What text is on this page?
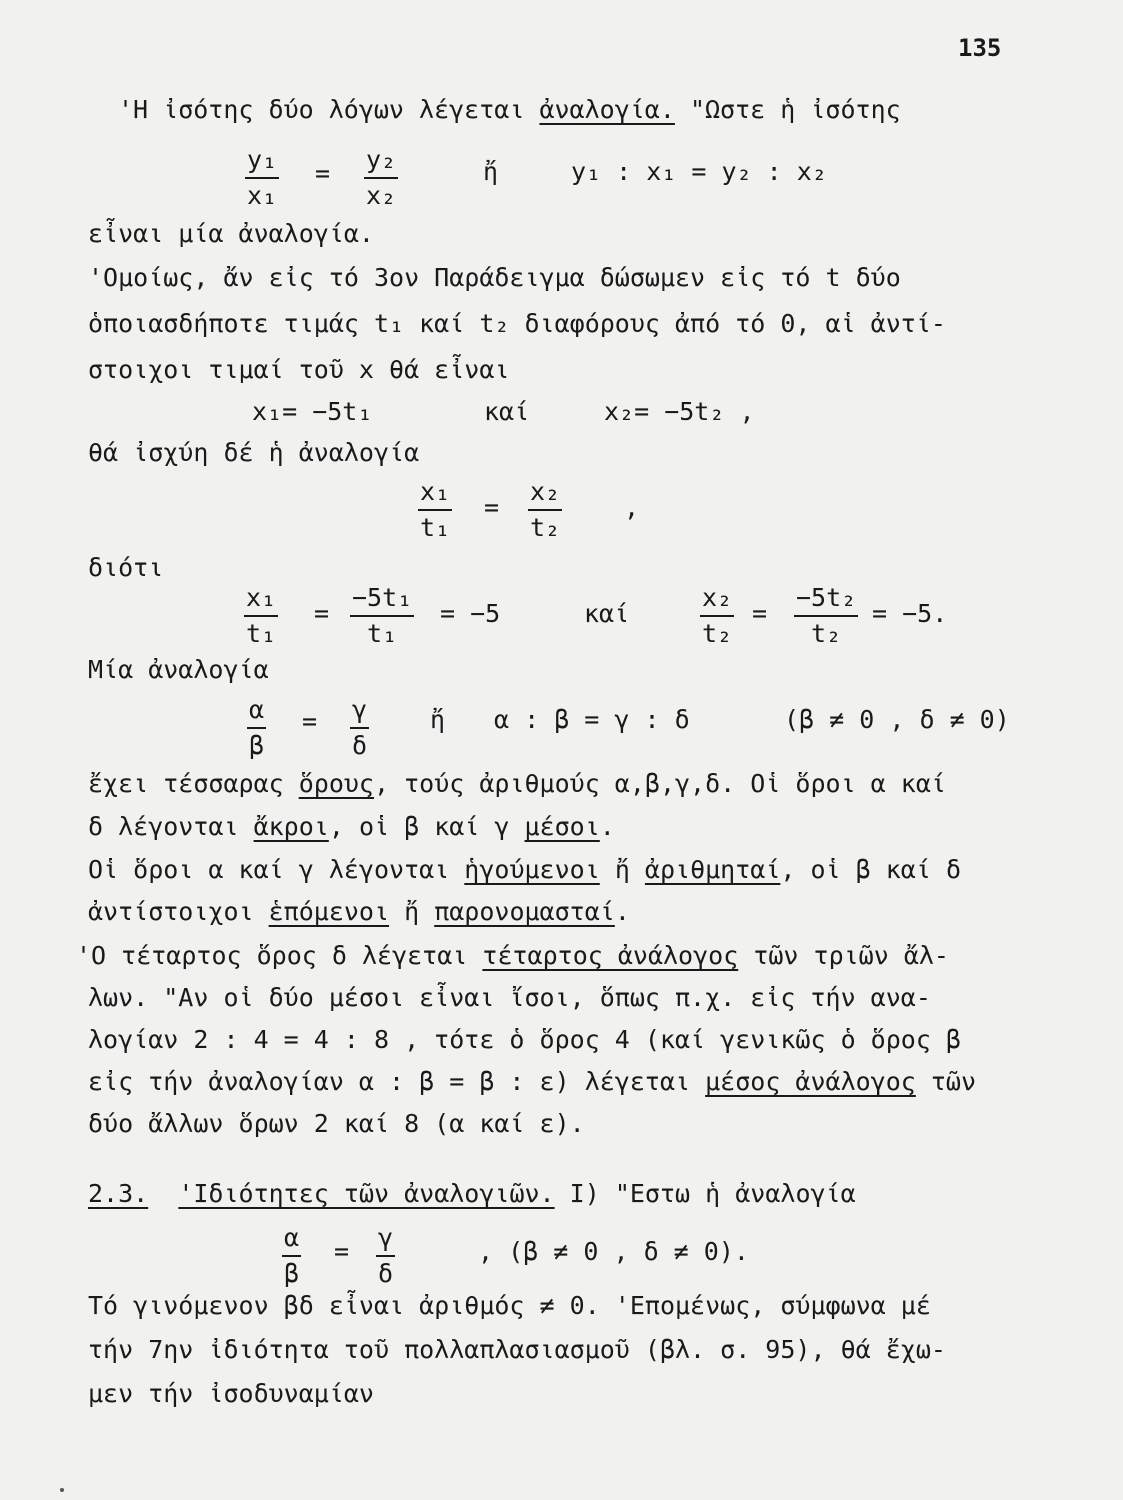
135
'Η ἰσότης δύο λόγων λέγεται ἀναλογία. "Ωστε ἡ ἰσότης
$\frac{\text{y₁}}{\text{x₁}} = \frac{\text{y₂}}{\text{x₂}}$	ἤ	y₁ : x₁ = y₂ : x₂
εἶναι μία ἀναλογία.
'Ομοίως, ἄν εἰς τό 3ον Παράδειγμα δώσωμεν εἰς τό t δύο
ὁποιασδήποτε τιμάς t₁ καί t₂ διαφόρους ἀπό τό 0, αἱ ἀντί-
στοιχοι τιμαί τοῦ x θά εἶναι
x₁= −5t₁	καί	x₂= −5t₂ ,
θά ἰσχύη δέ ἡ ἀναλογία
$\frac{\text{x₁}}{\text{t₁}} = \frac{\text{x₂}}{\text{t₂}}$ ,
διότι
$\frac{\text{x₁}}{\text{t₁}} = \frac{\text{−5t₁}}{\text{t₁}} = -5$	καί	$\frac{\text{x₂}}{\text{t₂}} = \frac{\text{−5t₂}}{\text{t₂}} = -5$.
Μία ἀναλογία
$\frac{\alpha}{\beta} = \frac{\gamma}{\delta}$ ἤ α : β = γ : δ	(β ≠ 0 , δ ≠ 0)
ἔχει τέσσαρας ὅρους, τούς ἀριθμούς α,β,γ,δ. Οἱ ὅροι α καί
δ λέγονται ἄκροι, οἱ β καί γ μέσοι.
Οἱ ὅροι α καί γ λέγονται ἡγούμενοι ἤ ἀριθμηταί, οἱ β καί δ
ἀντίστοιχοι ἑπόμενοι ἤ παρονομασταί.
'Ο τέταρτος ὅρος δ λέγεται τέταρτος ἀνάλογος τῶν τριῶν ἄλ-
λων. "Αν οἱ δύο μέσοι εἶναι ἴσοι, ὅπως π.χ. εἰς τήν ανα-
λογίαν 2 : 4 = 4 : 8 , τότε ὁ ὅρος 4 (καί γενικῶς ὁ ὅρος β
εἰς τήν ἀναλογίαν α : β = β : ε) λέγεται μέσος ἀνάλογος τῶν
δύο ἄλλων ὅρων 2 καί 8 (α καί ε).
2.3. 'Ιδιότητες τῶν ἀναλογιῶν. Ι) "Εστω ἡ ἀναλογία
$\frac{\alpha}{\beta} = \frac{\gamma}{\delta}$	, (β ≠ 0 , δ ≠ 0).
Τό γινόμενον βδ εἶναι ἀριθμός ≠ 0. 'Επομένως, σύμφωνα μέ
τήν 7ην ἰδιότητα τοῦ πολλαπλασιασμοῦ (βλ. σ. 95), θά ἔχω-
μεν τήν ἰσοδυναμίαν
